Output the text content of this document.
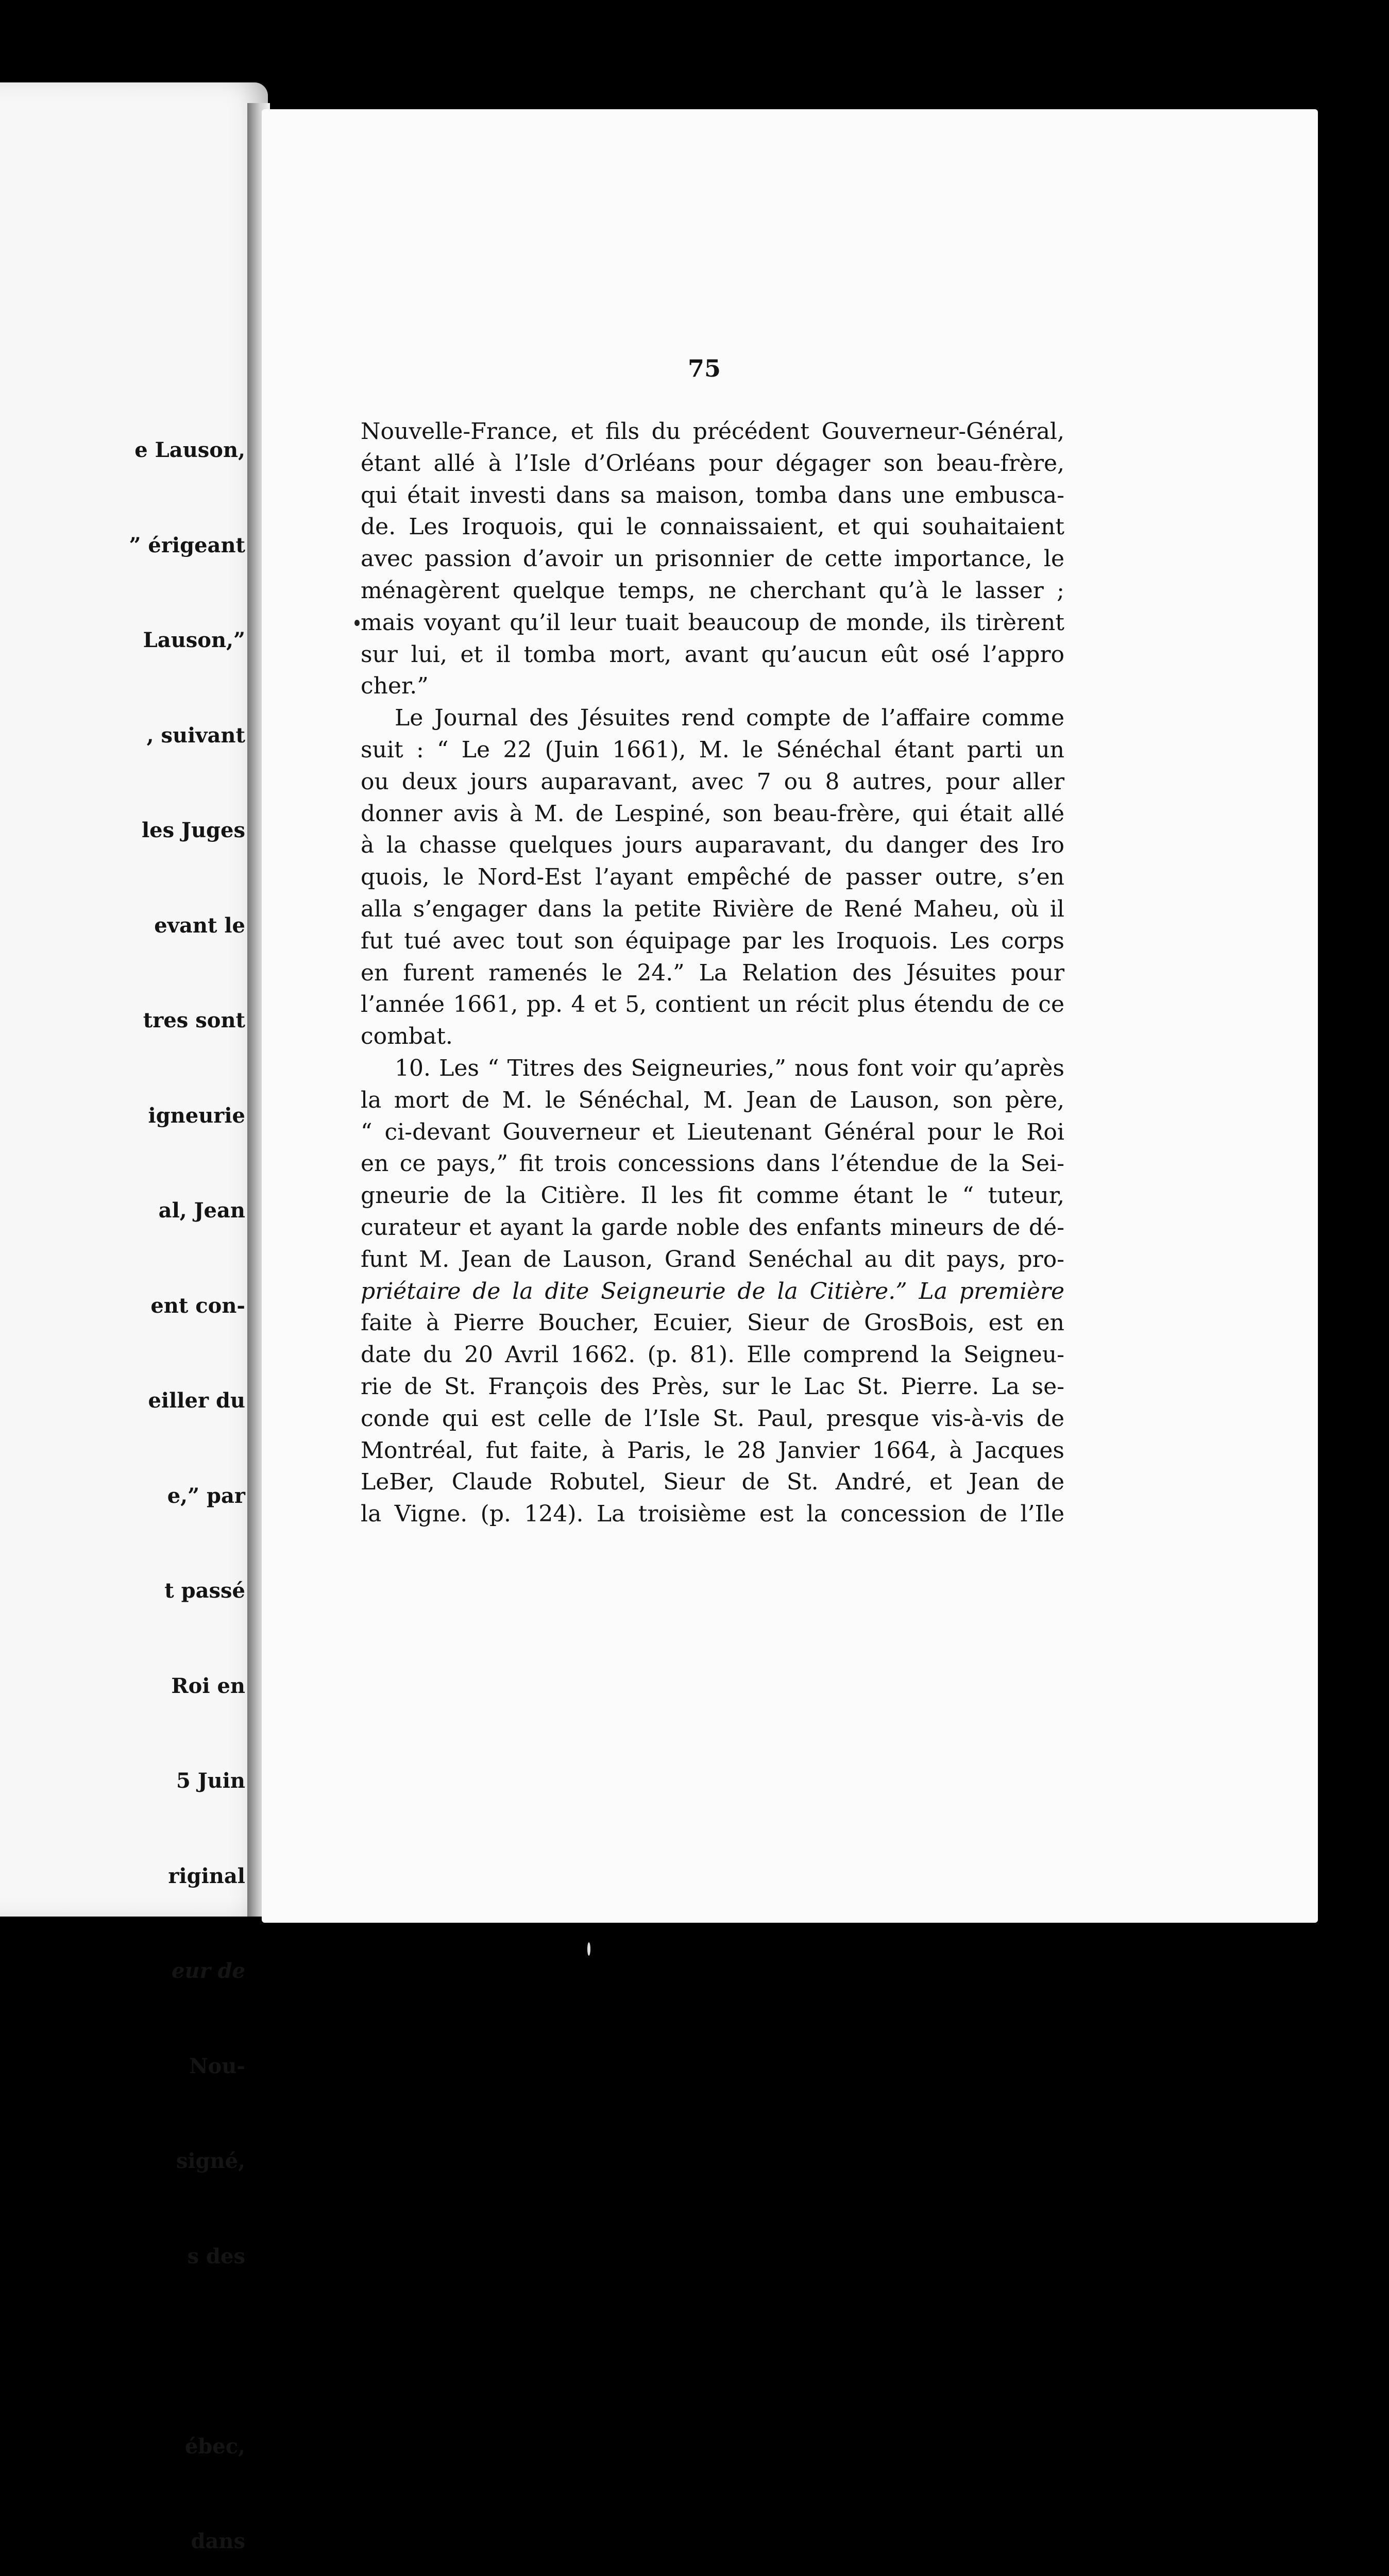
e Lauson,

” érigeant

Lauson,”

, suivant

les Juges

evant le

tres sont

igneurie

al, Jean

ent con-

eiller du

e,” par

t passé

Roi en

5 Juin

riginal

eur de

Nou-

signé,

s des

ébec,

dans

75
Nouvelle-France, et fils du précédent Gouverneur-Général,
étant allé à l’Isle d’Orléans pour dégager son beau-frère,
qui était investi dans sa maison, tomba dans une embusca-
de. Les Iroquois, qui le connaissaient, et qui souhaitaient
avec passion d’avoir un prisonnier de cette importance, le
ménagèrent quelque temps, ne cherchant qu’à le lasser ;
mais voyant qu’il leur tuait beaucoup de monde, ils tirèrent
sur lui, et il tomba mort, avant qu’aucun eût osé l’appro
cher.”
Le Journal des Jésuites rend compte de l’affaire comme
suit : “ Le 22 (Juin 1661), M. le Sénéchal étant parti un
ou deux jours auparavant, avec 7 ou 8 autres, pour aller
donner avis à M. de Lespiné, son beau-frère, qui était allé
à la chasse quelques jours auparavant, du danger des Iro
quois, le Nord-Est l’ayant empêché de passer outre, s’en
alla s’engager dans la petite Rivière de René Maheu, où il
fut tué avec tout son équipage par les Iroquois. Les corps
en furent ramenés le 24.” La Relation des Jésuites pour
l’année 1661, pp. 4 et 5, contient un récit plus étendu de ce
combat.
10. Les “ Titres des Seigneuries,” nous font voir qu’après
la mort de M. le Sénéchal, M. Jean de Lauson, son père,
“ ci-devant Gouverneur et Lieutenant Général pour le Roi
en ce pays,” fit trois concessions dans l’étendue de la Sei-
gneurie de la Citière. Il les fit comme étant le “ tuteur,
curateur et ayant la garde noble des enfants mineurs de dé-
funt M. Jean de Lauson, Grand Senéchal au dit pays, pro-
priétaire de la dite Seigneurie de la Citière.” La première
faite à Pierre Boucher, Ecuier, Sieur de GrosBois, est en
date du 20 Avril 1662. (p. 81). Elle comprend la Seigneu-
rie de St. François des Près, sur le Lac St. Pierre. La se-
conde qui est celle de l’Isle St. Paul, presque vis-à-vis de
Montréal, fut faite, à Paris, le 28 Janvier 1664, à Jacques
LeBer, Claude Robutel, Sieur de St. André, et Jean de
la Vigne. (p. 124). La troisième est la concession de l’Ile
